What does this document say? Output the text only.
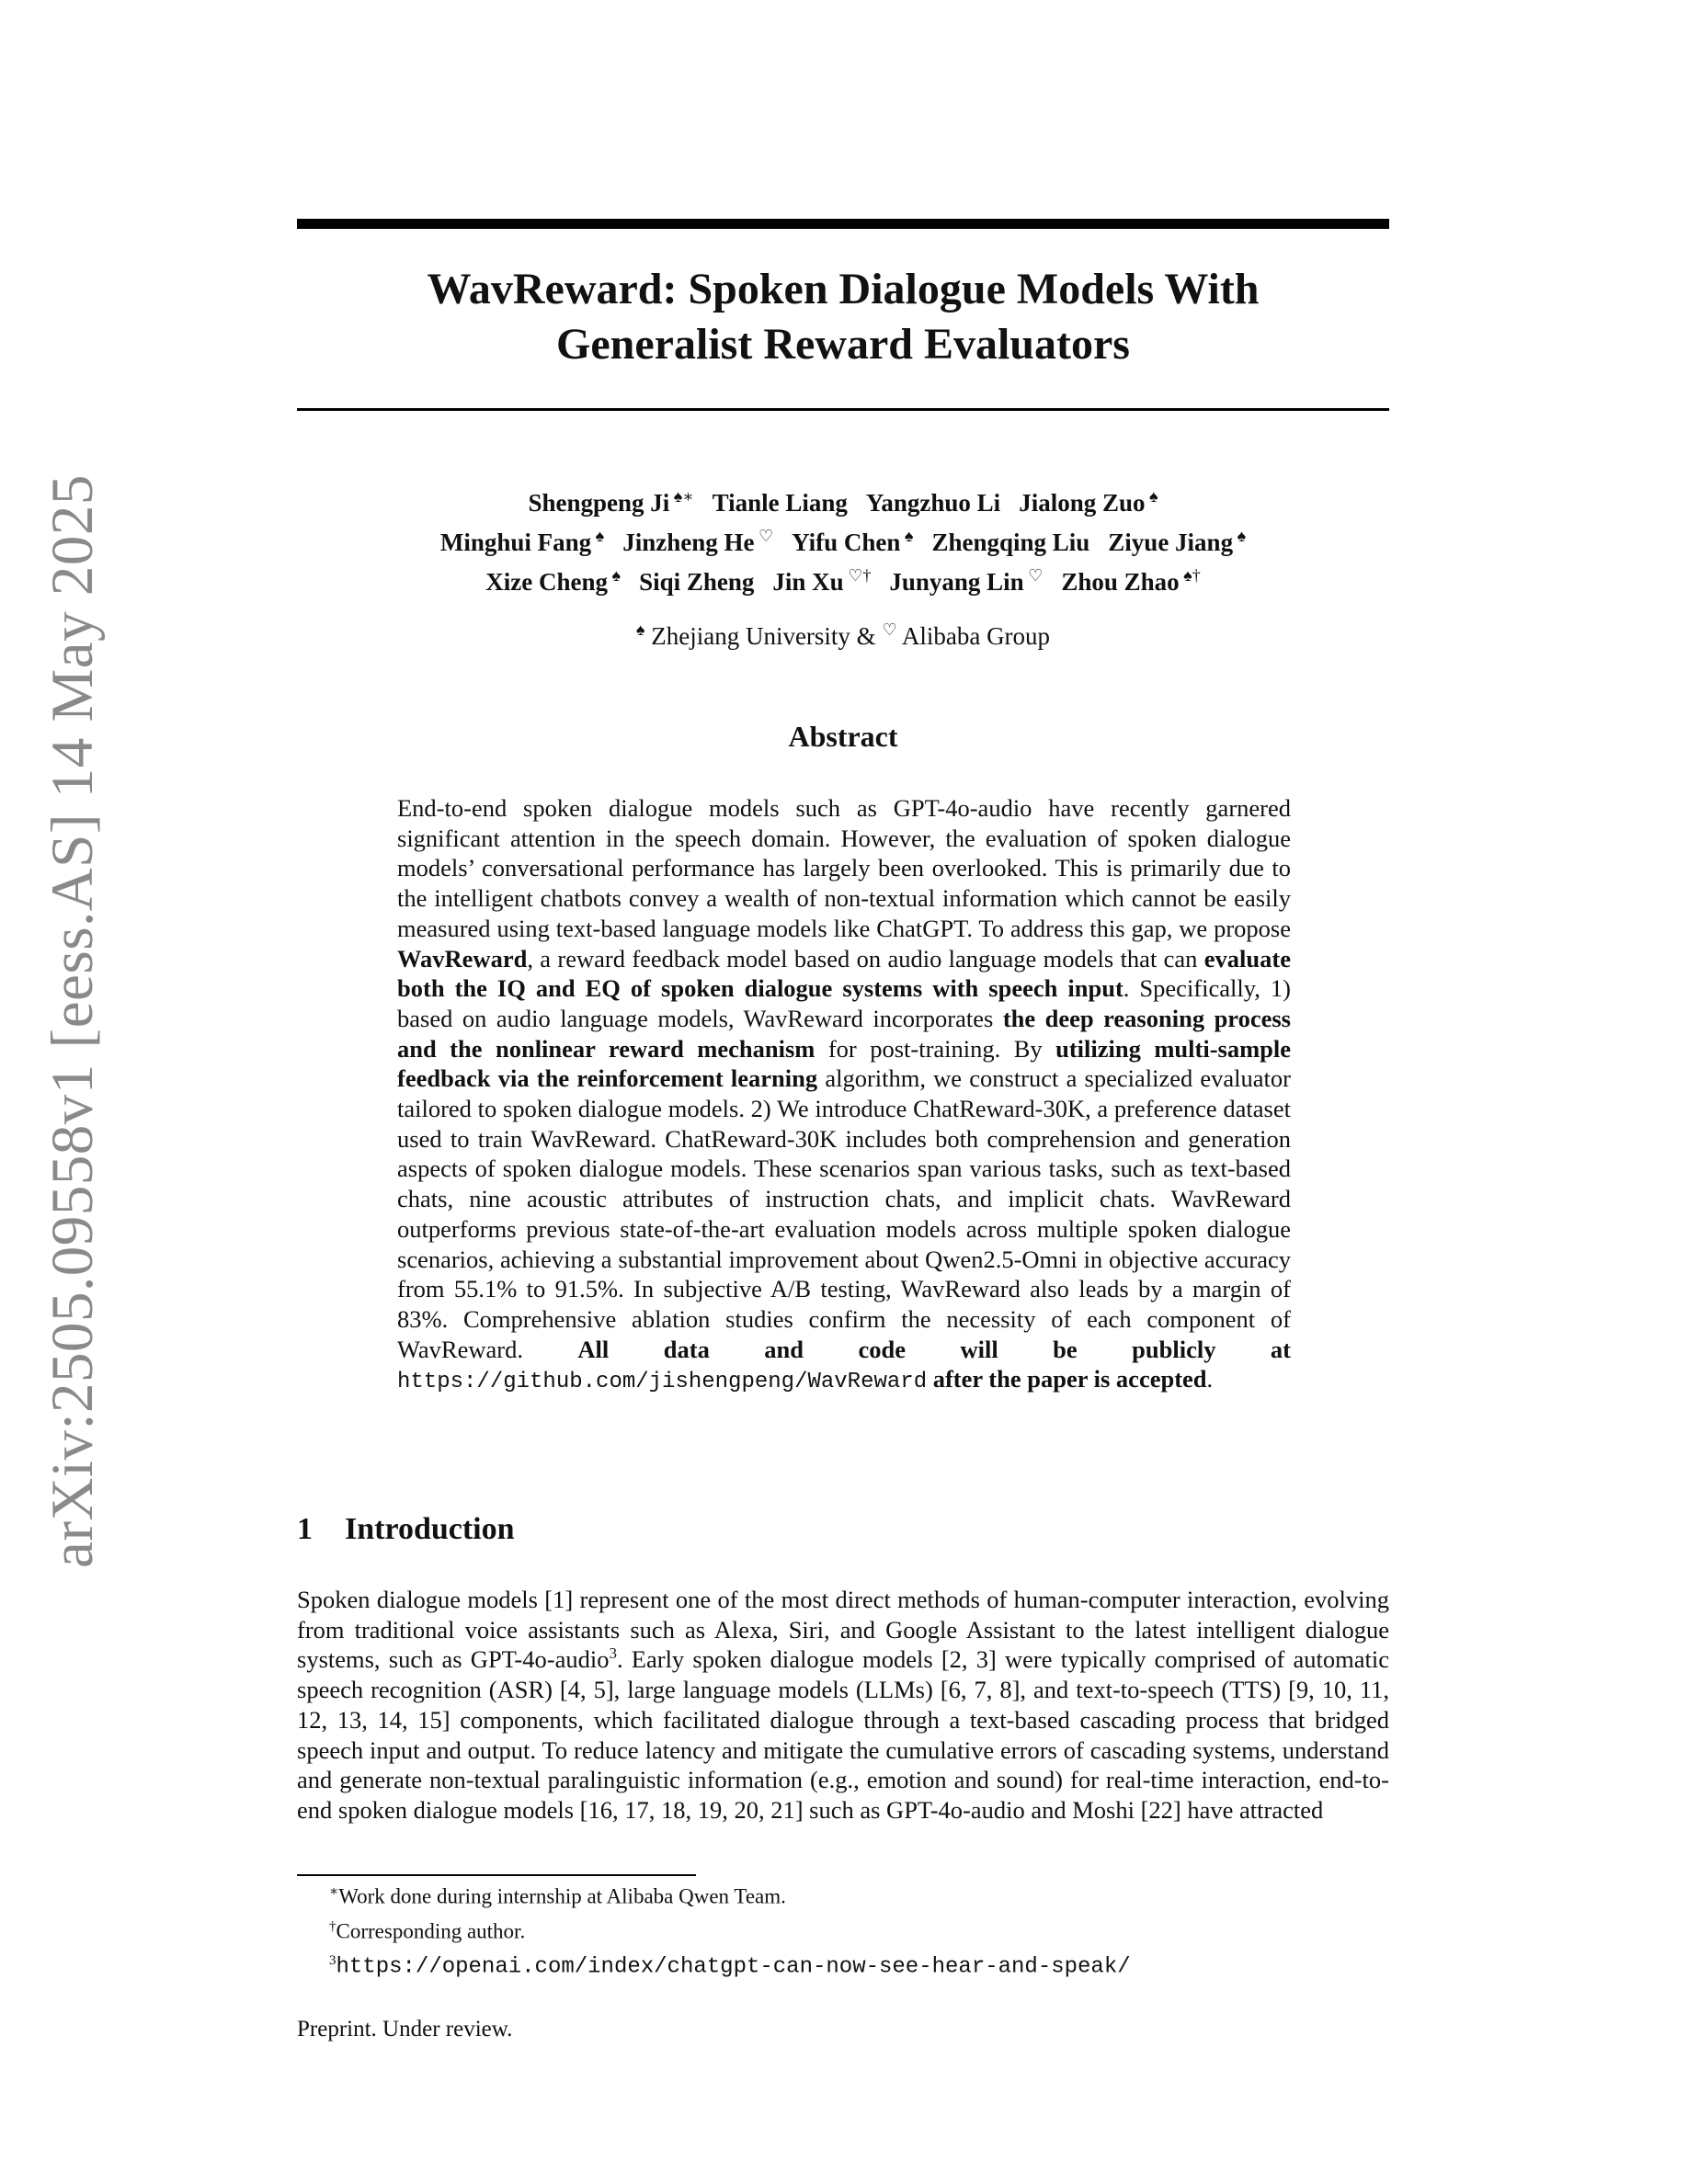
arXiv:2505.09558v1 [eess.AS] 14 May 2025
WavReward: Spoken Dialogue Models With
Generalist Reward Evaluators
Shengpeng Ji ♠∗ Tianle Liang Yangzhuo Li Jialong Zuo ♠
Minghui Fang ♠ Jinzheng He ♡ Yifu Chen ♠ Zhengqing Liu Ziyue Jiang ♠
Xize Cheng ♠ Siqi Zheng Jin Xu ♡† Junyang Lin ♡ Zhou Zhao ♠†
♠ Zhejiang University & ♡ Alibaba Group
Abstract
End-to-end spoken dialogue models such as GPT-4o-audio have recently garnered significant attention in the speech domain. However, the evaluation of spoken dialogue models’ conversational performance has largely been overlooked. This is primarily due to the intelligent chatbots convey a wealth of non-textual information which cannot be easily measured using text-based language models like ChatGPT. To address this gap, we propose WavReward, a reward feedback model based on audio language models that can evaluate both the IQ and EQ of spoken dialogue systems with speech input. Specifically, 1) based on audio language models, WavReward incorporates the deep reasoning process and the nonlinear reward mechanism for post-training. By utilizing multi-sample feedback via the reinforcement learning algorithm, we construct a specialized evaluator tailored to spoken dialogue models. 2) We introduce ChatReward-30K, a preference dataset used to train WavReward. ChatReward-30K includes both comprehension and generation aspects of spoken dialogue models. These scenarios span various tasks, such as text-based chats, nine acoustic attributes of instruction chats, and implicit chats. WavReward outperforms previous state-of-the-art evaluation models across multiple spoken dialogue scenarios, achieving a substantial improvement about Qwen2.5-Omni in objective accuracy from 55.1% to 91.5%. In subjective A/B testing, WavReward also leads by a margin of 83%. Comprehensive ablation studies confirm the necessity of each component of WavReward. All data and code will be publicly at https://github.com/jishengpeng/WavReward after the paper is accepted.
1 Introduction
Spoken dialogue models [1] represent one of the most direct methods of human-computer interaction, evolving from traditional voice assistants such as Alexa, Siri, and Google Assistant to the latest intelligent dialogue systems, such as GPT-4o-audio$^3$. Early spoken dialogue models [2, 3] were typically comprised of automatic speech recognition (ASR) [4, 5], large language models (LLMs) [6, 7, 8], and text-to-speech (TTS) [9, 10, 11, 12, 13, 14, 15] components, which facilitated dialogue through a text-based cascading process that bridged speech input and output. To reduce latency and mitigate the cumulative errors of cascading systems, understand and generate non-textual paralinguistic information (e.g., emotion and sound) for real-time interaction, end-to-end spoken dialogue models [16, 17, 18, 19, 20, 21] such as GPT-4o-audio and Moshi [22] have attracted
∗Work done during internship at Alibaba Qwen Team.
†Corresponding author.
$^3$https://openai.com/index/chatgpt-can-now-see-hear-and-speak/
Preprint. Under review.
